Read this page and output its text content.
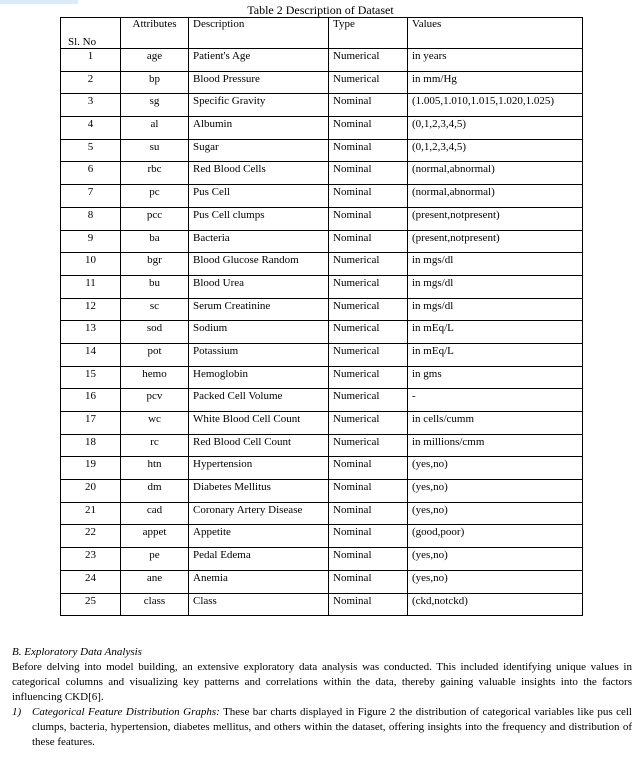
Table 2 Description of Dataset
Sl. No	Attributes	Description	Type	Values
1	age	Patient's Age	Numerical	in years
2	bp	Blood Pressure	Numerical	in mm/Hg
3	sg	Specific Gravity	Nominal	(1.005,1.010,1.015,1.020,1.025)
4	al	Albumin	Nominal	(0,1,2,3,4,5)
5	su	Sugar	Nominal	(0,1,2,3,4,5)
6	rbc	Red Blood Cells	Nominal	(normal,abnormal)
7	pc	Pus Cell	Nominal	(normal,abnormal)
8	pcc	Pus Cell clumps	Nominal	(present,notpresent)
9	ba	Bacteria	Nominal	(present,notpresent)
10	bgr	Blood Glucose Random	Numerical	in mgs/dl
11	bu	Blood Urea	Numerical	in mgs/dl
12	sc	Serum Creatinine	Numerical	in mgs/dl
13	sod	Sodium	Numerical	in mEq/L
14	pot	Potassium	Numerical	in mEq/L
15	hemo	Hemoglobin	Numerical	in gms
16	pcv	Packed Cell Volume	Numerical	-
17	wc	White Blood Cell Count	Numerical	in cells/cumm
18	rc	Red Blood Cell Count	Numerical	in millions/cmm
19	htn	Hypertension	Nominal	(yes,no)
20	dm	Diabetes Mellitus	Nominal	(yes,no)
21	cad	Coronary Artery Disease	Nominal	(yes,no)
22	appet	Appetite	Nominal	(good,poor)
23	pe	Pedal Edema	Nominal	(yes,no)
24	ane	Anemia	Nominal	(yes,no)
25	class	Class	Nominal	(ckd,notckd)

B. Exploratory Data Analysis

Before delving into model building, an extensive exploratory data analysis was conducted. This included identifying unique values in categorical columns and visualizing key patterns and correlations within the data, thereby gaining valuable insights into the factors influencing CKD[6].

1) Categorical Feature Distribution Graphs: These bar charts displayed in Figure 2 the distribution of categorical variables like pus cell clumps, bacteria, hypertension, diabetes mellitus, and others within the dataset, offering insights into the frequency and distribution of these features.
